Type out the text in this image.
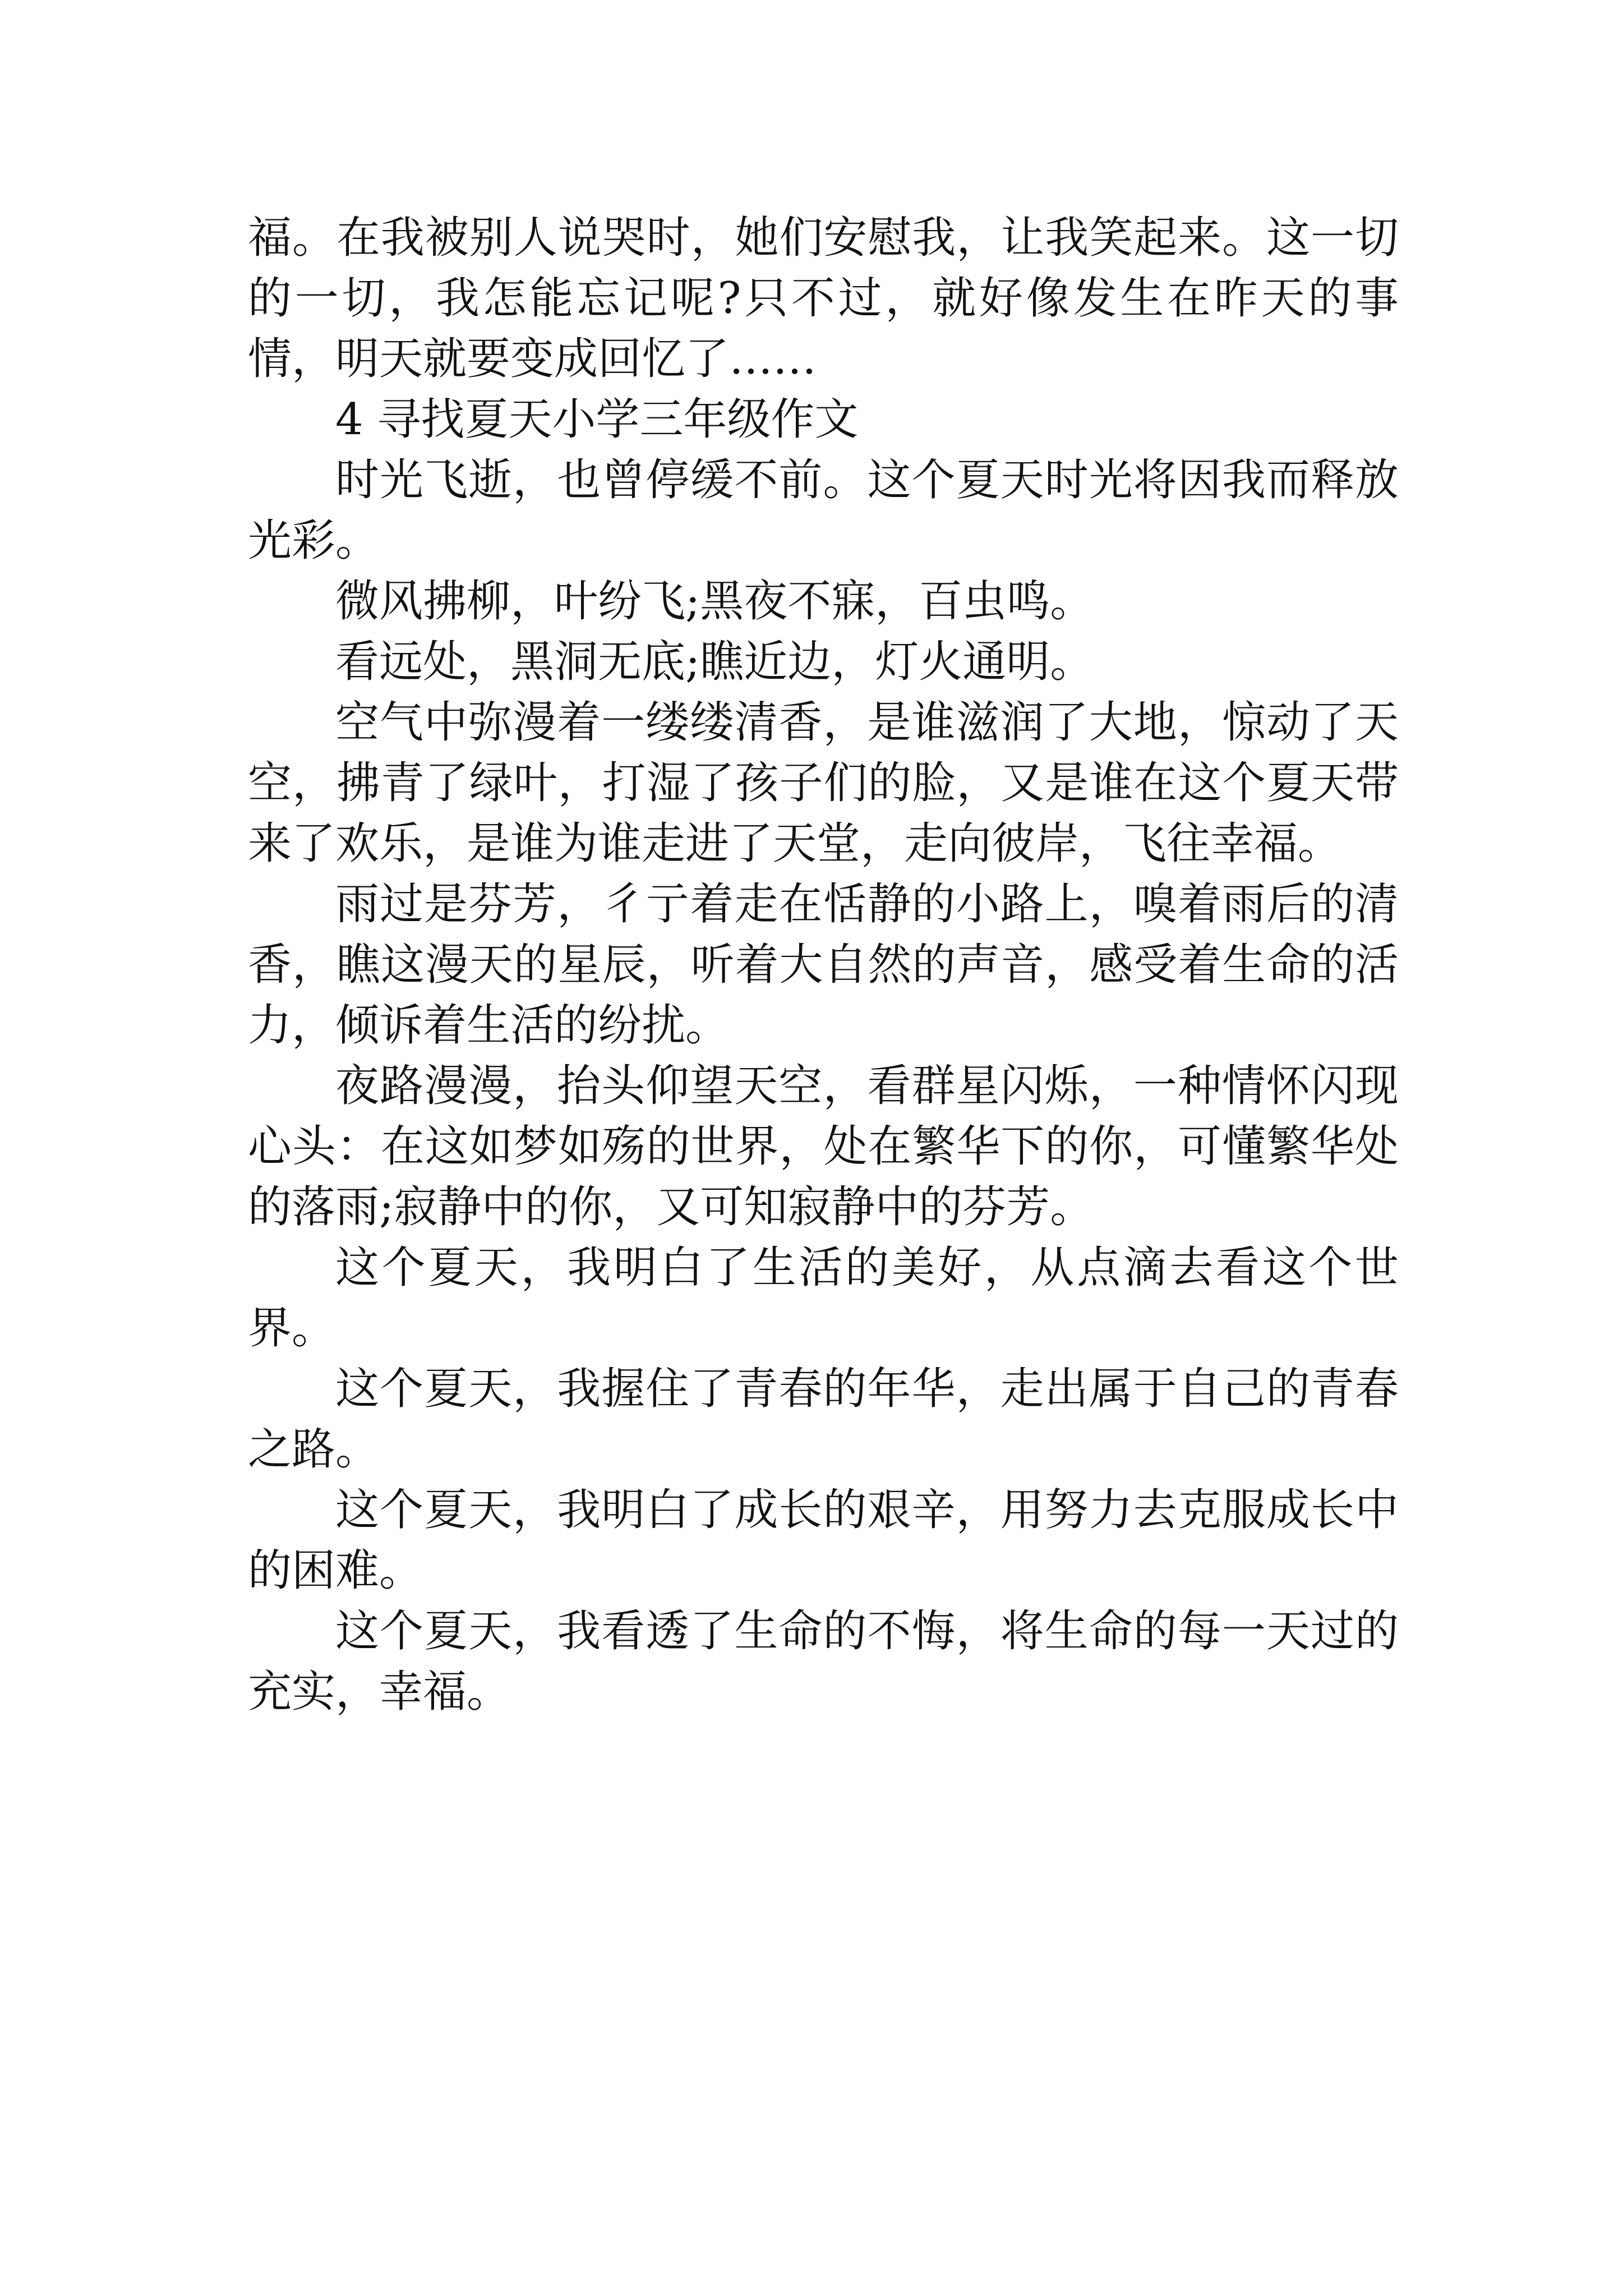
福。在我被别人说哭时，她们安慰我，让我笑起来。这一切的一切，我怎能忘记呢?只不过，就好像发生在昨天的事情，明天就要变成回忆了……

4 寻找夏天小学三年级作文

时光飞逝，也曾停缓不前。这个夏天时光将因我而释放光彩。

微风拂柳，叶纷飞;黑夜不寐，百虫鸣。

看远处，黑洞无底;瞧近边，灯火通明。

空气中弥漫着一缕缕清香，是谁滋润了大地，惊动了天空，拂青了绿叶，打湿了孩子们的脸，又是谁在这个夏天带来了欢乐，是谁为谁走进了天堂，走向彼岸，飞往幸福。

雨过是芬芳，彳亍着走在恬静的小路上，嗅着雨后的清香，瞧这漫天的星辰，听着大自然的声音，感受着生命的活力，倾诉着生活的纷扰。

夜路漫漫，抬头仰望天空，看群星闪烁，一种情怀闪现心头：在这如梦如殇的世界，处在繁华下的你，可懂繁华处的落雨;寂静中的你，又可知寂静中的芬芳。

这个夏天，我明白了生活的美好，从点滴去看这个世界。

这个夏天，我握住了青春的年华，走出属于自己的青春之路。

这个夏天，我明白了成长的艰辛，用努力去克服成长中的困难。

这个夏天，我看透了生命的不悔，将生命的每一天过的充实，幸福。
